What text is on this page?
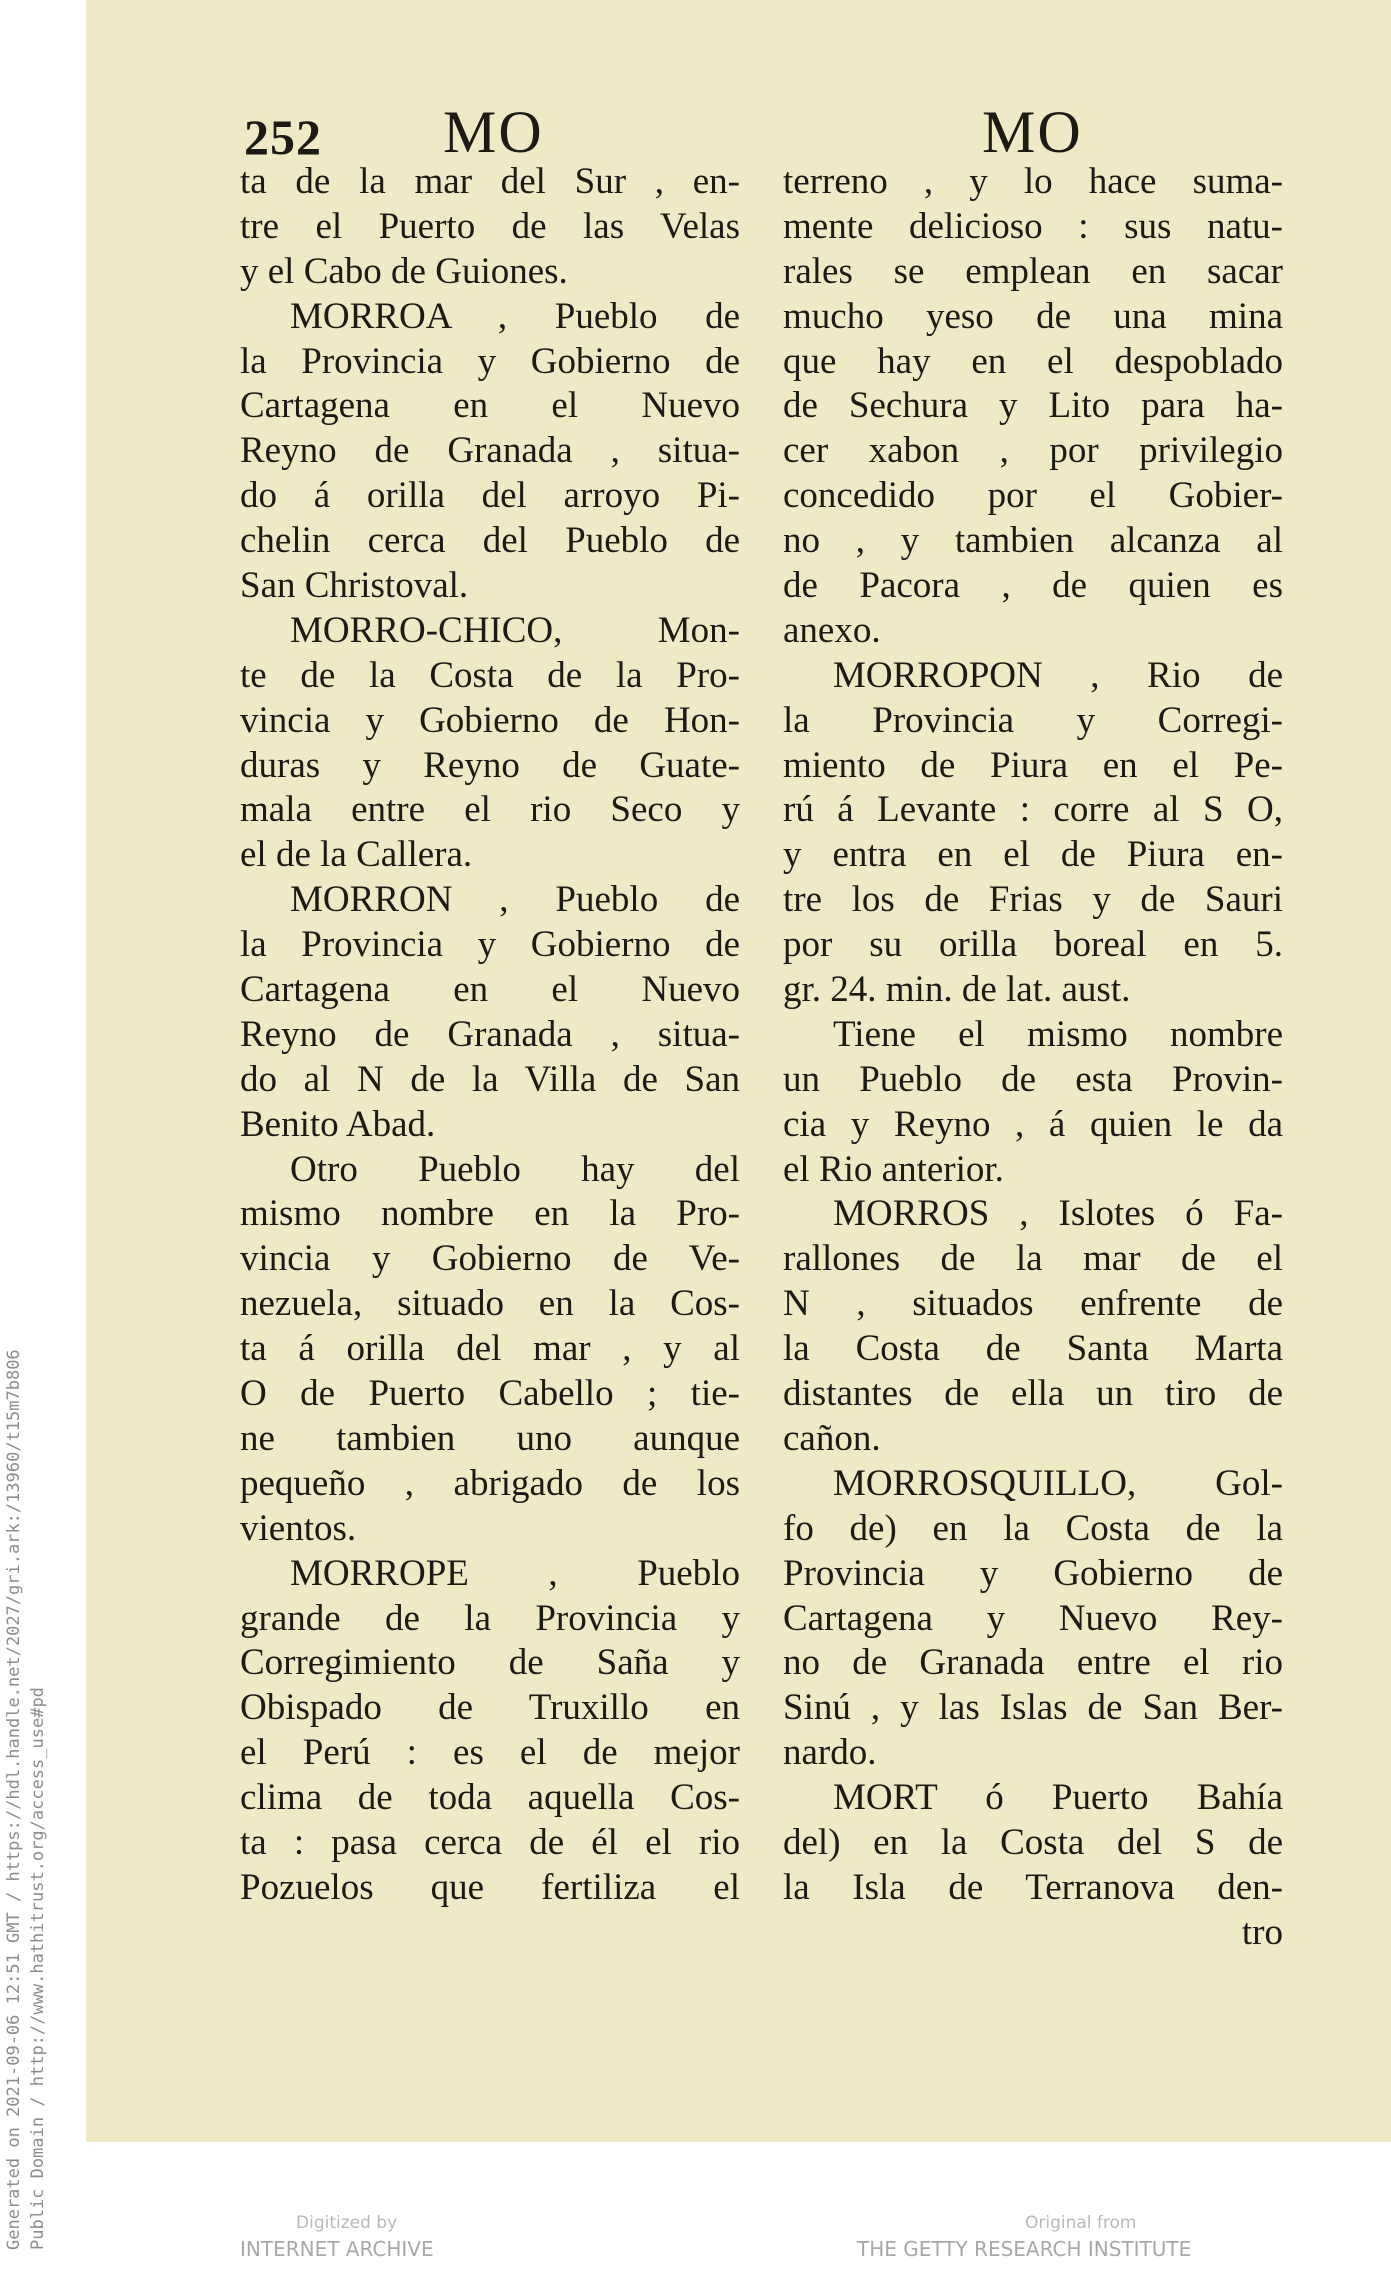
252 MO	MO
ta de la mar del Sur , en-
tre el Puerto de las Velas
y el Cabo de Guiones.
MORROA , Pueblo de
la Provincia y Gobierno de
Cartagena en el Nuevo
Reyno de Granada , situa-
do á orilla del arroyo Pi-
chelin cerca del Pueblo de
San Christoval.
MORRO-CHICO, Mon-
te de la Costa de la Pro-
vincia y Gobierno de Hon-
duras y Reyno de Guate-
mala entre el rio Seco y
el de la Callera.
MORRON , Pueblo de
la Provincia y Gobierno de
Cartagena en el Nuevo
Reyno de Granada , situa-
do al N de la Villa de San
Benito Abad.
Otro Pueblo hay del
mismo nombre en la Pro-
vincia y Gobierno de Ve-
nezuela, situado en la Cos-
ta á orilla del mar , y al
O de Puerto Cabello ; tie-
ne tambien uno aunque
pequeño , abrigado de los
vientos.
MORROPE , Pueblo
grande de la Provincia y
Corregimiento de Saña y
Obispado de Truxillo en
el Perú : es el de mejor
clima de toda aquella Cos-
ta : pasa cerca de él el rio
Pozuelos que fertiliza el
terreno , y lo hace suma-
mente delicioso : sus natu-
rales se emplean en sacar
mucho yeso de una mina
que hay en el despoblado
de Sechura y Lito para ha-
cer xabon , por privilegio
concedido por el Gobier-
no , y tambien alcanza al
de Pacora , de quien es
anexo.
MORROPON , Rio de
la Provincia y Corregi-
miento de Piura en el Pe-
rú á Levante : corre al S O,
y entra en el de Piura en-
tre los de Frias y de Sauri
por su orilla boreal en 5.
gr. 24. min. de lat. aust.
Tiene el mismo nombre
un Pueblo de esta Provin-
cia y Reyno , á quien le da
el Rio anterior.
MORROS , Islotes ó Fa-
rallones de la mar de el
N , situados enfrente de
la Costa de Santa Marta
distantes de ella un tiro de
cañon.
MORROSQUILLO, Gol-
fo de) en la Costa de la
Provincia y Gobierno de
Cartagena y Nuevo Rey-
no de Granada entre el rio
Sinú , y las Islas de San Ber-
nardo.
MORT ó Puerto Bahía
del) en la Costa del S de
la Isla de Terranova den-
tro
Generated on 2021-09-06 12:51 GMT / https://hdl.handle.net/2027/gri.ark:/13960/t15m7b806 Public Domain / http://www.hathitrust.org/access_use#pd	Digitized by
INTERNET ARCHIVE
Original from
THE GETTY RESEARCH INSTITUTE
